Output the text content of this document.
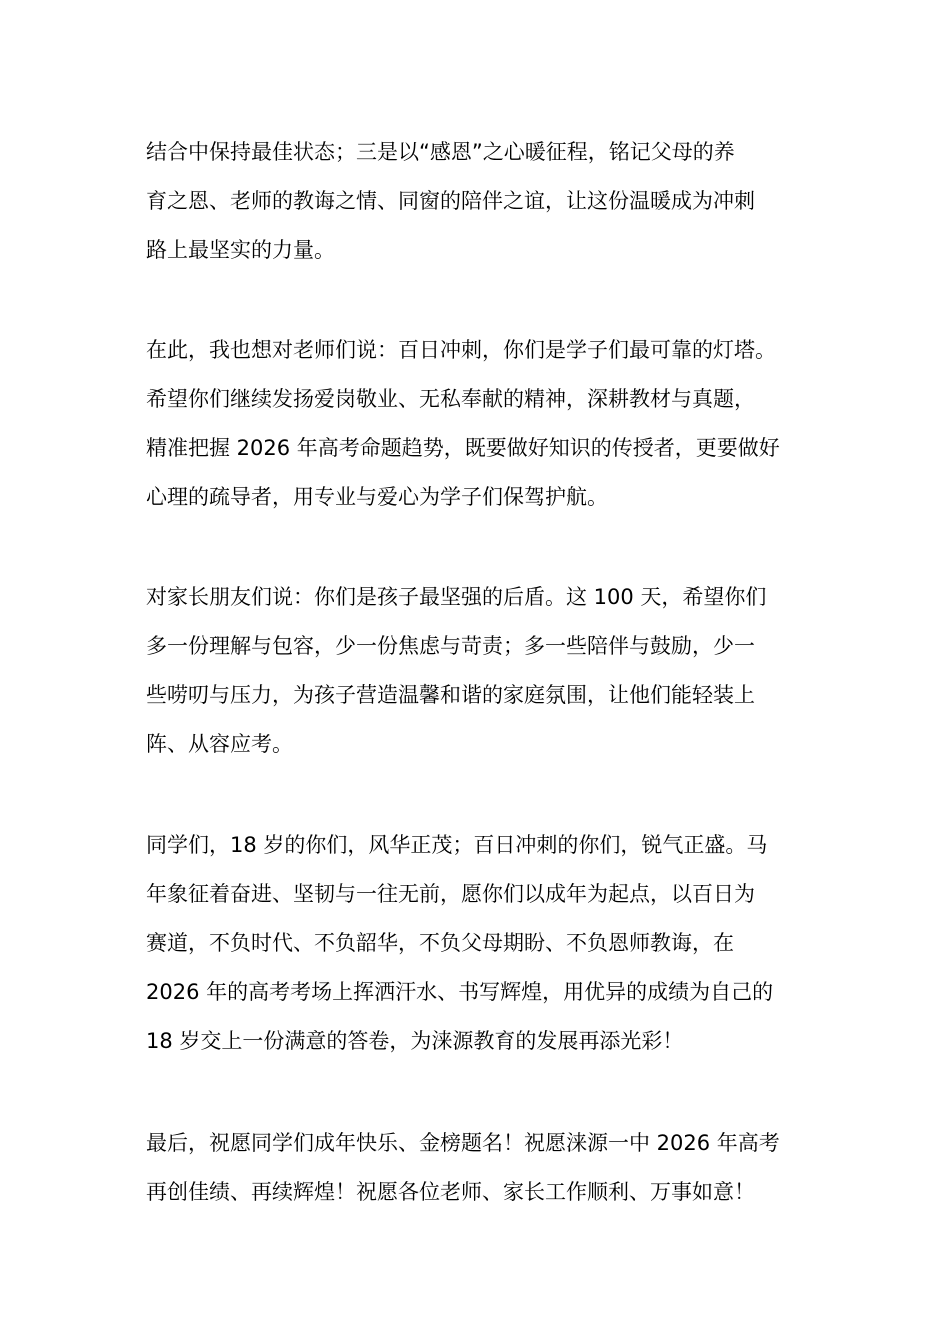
结合中保持最佳状态；三是以“感恩”之心暖征程，铭记父母的养
育之恩、老师的教诲之情、同窗的陪伴之谊，让这份温暖成为冲刺
路上最坚实的力量。
在此，我也想对老师们说：百日冲刺，你们是学子们最可靠的灯塔。
希望你们继续发扬爱岗敬业、无私奉献的精神，深耕教材与真题，
精准把握 2026 年高考命题趋势，既要做好知识的传授者，更要做好
心理的疏导者，用专业与爱心为学子们保驾护航。
对家长朋友们说：你们是孩子最坚强的后盾。这 100 天，希望你们
多一份理解与包容，少一份焦虑与苛责；多一些陪伴与鼓励，少一
些唠叨与压力，为孩子营造温馨和谐的家庭氛围，让他们能轻装上
阵、从容应考。
同学们，18 岁的你们，风华正茂；百日冲刺的你们，锐气正盛。马
年象征着奋进、坚韧与一往无前，愿你们以成年为起点，以百日为
赛道，不负时代、不负韶华，不负父母期盼、不负恩师教诲，在
2026 年的高考考场上挥洒汗水、书写辉煌，用优异的成绩为自己的
18 岁交上一份满意的答卷，为涞源教育的发展再添光彩！
最后，祝愿同学们成年快乐、金榜题名！祝愿涞源一中 2026 年高考
再创佳绩、再续辉煌！祝愿各位老师、家长工作顺利、万事如意！
